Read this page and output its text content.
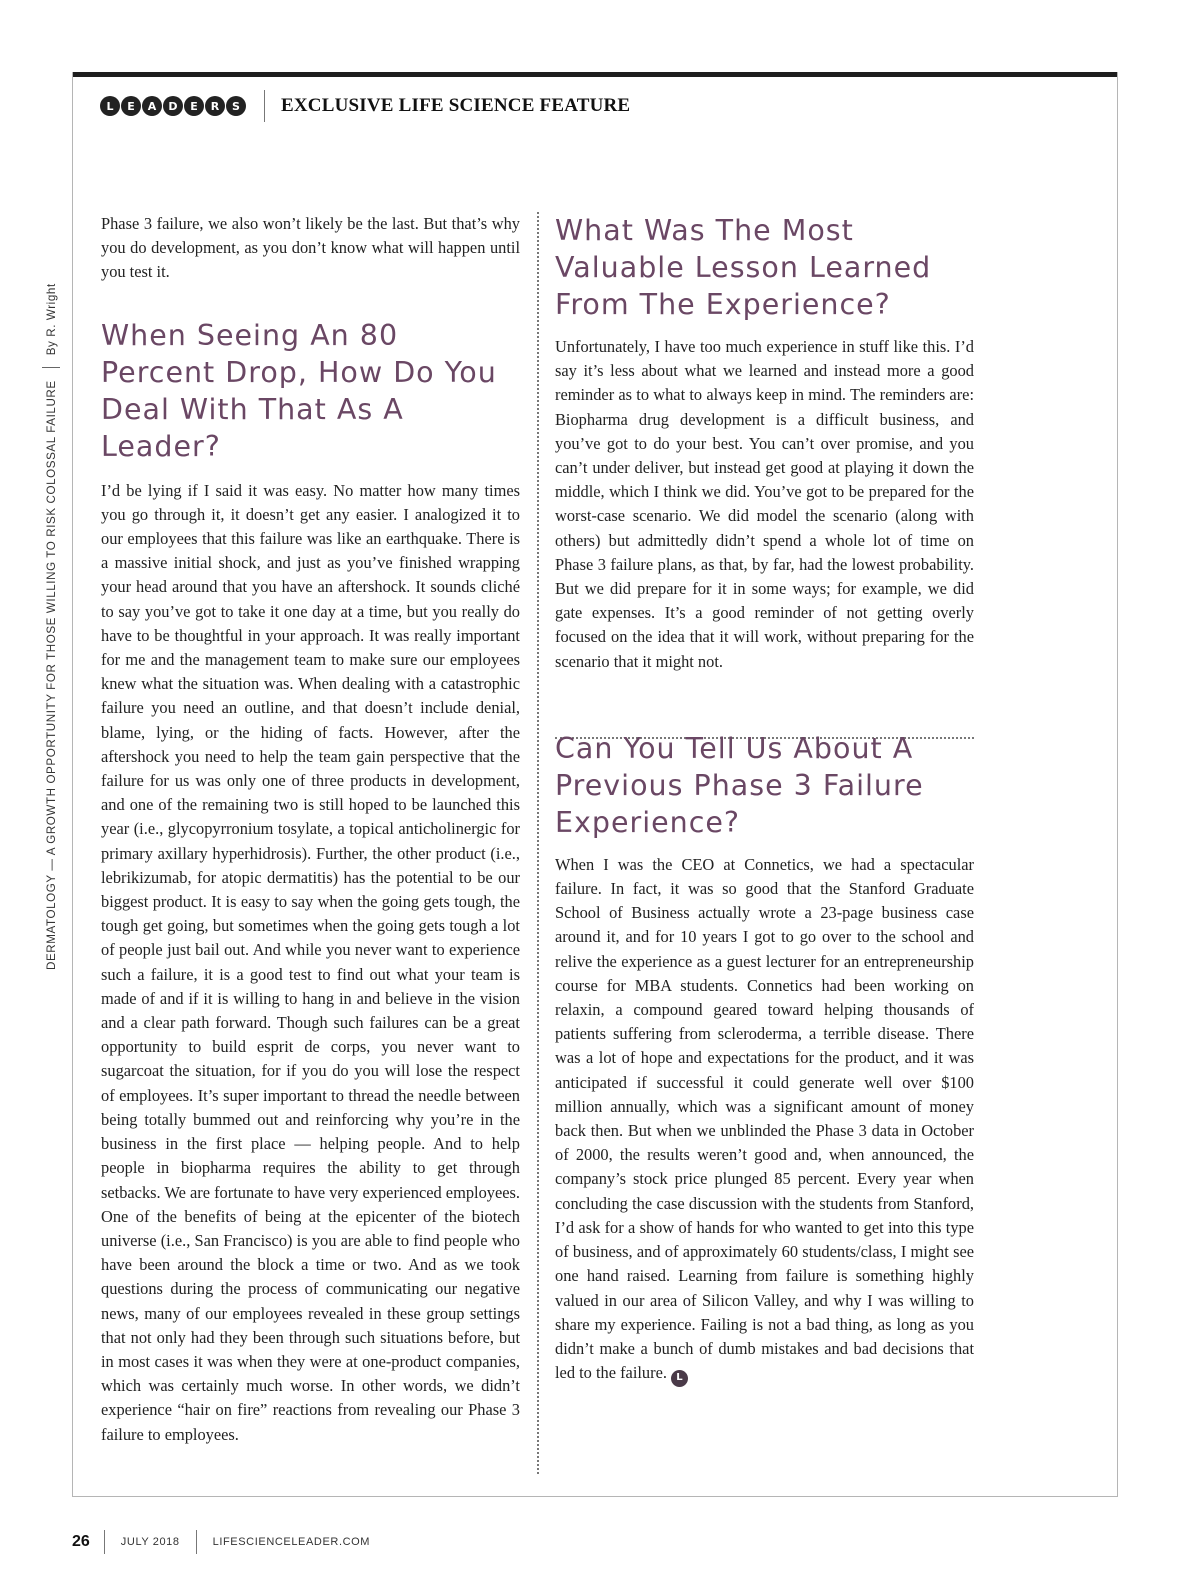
L	E	A	D	E	R	S	EXCLUSIVE LIFE SCIENCE FEATURE
DERMATOLOGY — A GROWTH OPPORTUNITY FOR THOSE WILLING TO RISK COLOSSAL FAILURE
By R. Wright

Phase 3 failure, we also won’t likely be the last. But that’s why you do development, as you don’t know what will happen until you test it.

When Seeing An 80 Percent Drop, How Do You Deal With That As A Leader?

I’d be lying if I said it was easy. No matter how many times you go through it, it doesn’t get any easier. I analogized it to our employees that this failure was like an earthquake. There is a massive initial shock, and just as you’ve finished wrapping your head around that you have an aftershock. It sounds cliché to say you’ve got to take it one day at a time, but you really do have to be thoughtful in your approach. It was really important for me and the management team to make sure our employees knew what the situation was. When dealing with a catastrophic failure you need an outline, and that doesn’t include denial, blame, lying, or the hiding of facts. However, after the aftershock you need to help the team gain perspective that the failure for us was only one of three products in development, and one of the remaining two is still hoped to be launched this year (i.e., glycopyrronium tosylate, a topical anticholinergic for primary axillary hyperhidrosis). Further, the other product (i.e., lebrikizumab, for atopic dermatitis) has the potential to be our biggest product. It is easy to say when the going gets tough, the tough get going, but sometimes when the going gets tough a lot of people just bail out. And while you never want to experience such a failure, it is a good test to find out what your team is made of and if it is willing to hang in and believe in the vision and a clear path forward. Though such failures can be a great opportunity to build esprit de corps, you never want to sugarcoat the situation, for if you do you will lose the respect of employees. It’s super important to thread the needle between being totally bummed out and reinforcing why you’re in the business in the first place — helping people. And to help people in biopharma requires the ability to get through setbacks. We are fortunate to have very experienced employees. One of the benefits of being at the epicenter of the biotech universe (i.e., San Francisco) is you are able to find people who have been around the block a time or two. And as we took questions during the process of communicating our negative news, many of our employees revealed in these group settings that not only had they been through such situations before, but in most cases it was when they were at one-product companies, which was certainly much worse. In other words, we didn’t experience “hair on fire” reactions from revealing our Phase 3 failure to employees.

What Was The Most Valuable Lesson Learned From The Experience?

Unfortunately, I have too much experience in stuff like this. I’d say it’s less about what we learned and instead more a good reminder as to what to always keep in mind. The reminders are: Biopharma drug development is a difficult business, and you’ve got to do your best. You can’t over promise, and you can’t under deliver, but instead get good at playing it down the middle, which I think we did. You’ve got to be prepared for the worst-case scenario. We did model the scenario (along with others) but admittedly didn’t spend a whole lot of time on Phase 3 failure plans, as that, by far, had the lowest probability. But we did prepare for it in some ways; for example, we did gate expenses. It’s a good reminder of not getting overly focused on the idea that it will work, without preparing for the scenario that it might not.

Can You Tell Us About A Previous Phase 3 Failure Experience?

When I was the CEO at Connetics, we had a spectacular failure. In fact, it was so good that the Stanford Graduate School of Business actually wrote a 23-page business case around it, and for 10 years I got to go over to the school and relive the experience as a guest lecturer for an entrepreneurship course for MBA students. Connetics had been working on relaxin, a compound geared toward helping thousands of patients suffering from scleroderma, a terrible disease. There was a lot of hope and expectations for the product, and it was anticipated if successful it could generate well over $100 million annually, which was a significant amount of money back then. But when we unblinded the Phase 3 data in October of 2000, the results weren’t good and, when announced, the company’s stock price plunged 85 percent. Every year when concluding the case discussion with the students from Stanford, I’d ask for a show of hands for who wanted to get into this type of business, and of approximately 60 students/class, I might see one hand raised. Learning from failure is something highly valued in our area of Silicon Valley, and why I was willing to share my experience. Failing is not a bad thing, as long as you didn’t make a bunch of dumb mistakes and bad decisions that led to the failure. L

26	JULY 2018	LIFESCIENCELEADER.COM
